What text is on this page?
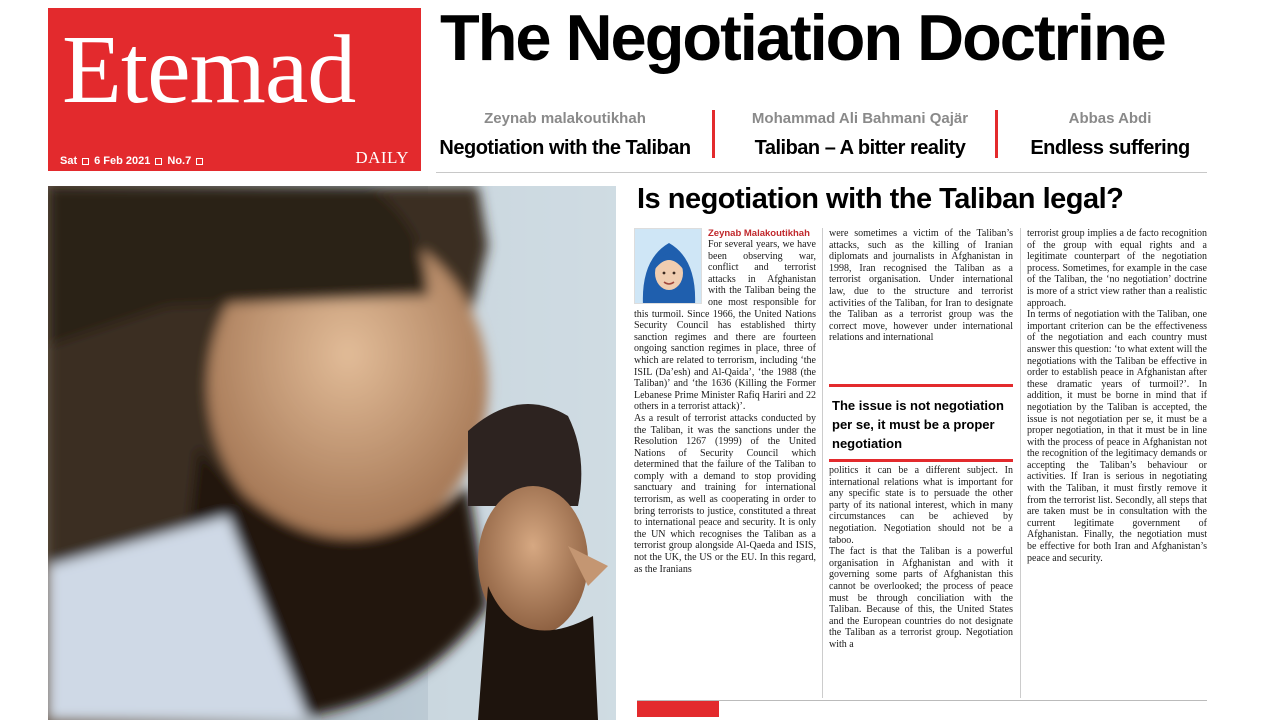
Etemad
Sat 6 Feb 2021 No.7	DAILY
The Negotiation Doctrine
Zeynab malakoutikhah
Negotiation with the Taliban
Mohammad Ali Bahmani Qajär
Taliban – A bitter reality
Abbas Abdi
Endless suffering
Is negotiation with the Taliban legal?
Zeynab Malakoutikhah

For several years, we have been observing war, conflict and terrorist attacks in Afghanistan with the Taliban being the one most responsible for this turmoil. Since 1966, the United Nations Security Council has established thirty sanction regimes and there are fourteen ongoing sanction regimes in place, three of which are related to terrorism, including ‘the ISIL (Da’esh) and Al-Qaida’, ‘the 1988 (the Taliban)’ and ‘the 1636 (Killing the Former Lebanese Prime Minister Rafiq Hariri and 22 others in a terrorist attack)’.

As a result of terrorist attacks conducted by the Taliban, it was the sanctions under the Resolution 1267 (1999) of the United Nations of Security Council which determined that the failure of the Taliban to comply with a demand to stop providing sanctuary and training for international terrorism, as well as cooperating in order to bring terrorists to justice, constituted a threat to international peace and security. It is only the UN which recognises the Taliban as a terrorist group alongside Al-Qaeda and ISIS, not the UK, the US or the EU. In this regard, as the Iranians

were sometimes a victim of the Taliban’s attacks, such as the killing of Iranian diplomats and journalists in Afghanistan in 1998, Iran recognised the Taliban as a terrorist organisation. Under international law, due to the structure and terrorist activities of the Taliban, for Iran to designate the Taliban as a terrorist group was the correct move, however under international relations and international

The issue is not negotiation per se, it must be a proper negotiation

politics it can be a different subject. In international relations what is important for any specific state is to persuade the other party of its national interest, which in many circumstances can be achieved by negotiation. Negotiation should not be a taboo.

The fact is that the Taliban is a powerful organisation in Afghanistan and with it governing some parts of Afghanistan this cannot be overlooked; the process of peace must be through conciliation with the Taliban. Because of this, the United States and the European countries do not designate the Taliban as a terrorist group. Negotiation with a

terrorist group implies a de facto recognition of the group with equal rights and a legitimate counterpart of the negotiation process. Sometimes, for example in the case of the Taliban, the ‘no negotiation’ doctrine is more of a strict view rather than a realistic approach.

In terms of negotiation with the Taliban, one important criterion can be the effectiveness of the negotiation and each country must answer this question: ‘to what extent will the negotiations with the Taliban be effective in order to establish peace in Afghanistan after these dramatic years of turmoil?’. In addition, it must be borne in mind that if negotiation by the Taliban is accepted, the issue is not negotiation per se, it must be a proper negotiation, in that it must be in line with the process of peace in Afghanistan not the recognition of the legitimacy demands or accepting the Taliban’s behaviour or activities. If Iran is serious in negotiating with the Taliban, it must firstly remove it from the terrorist list. Secondly, all steps that are taken must be in consultation with the current legitimate government of Afghanistan. Finally, the negotiation must be effective for both Iran and Afghanistan’s peace and security.
